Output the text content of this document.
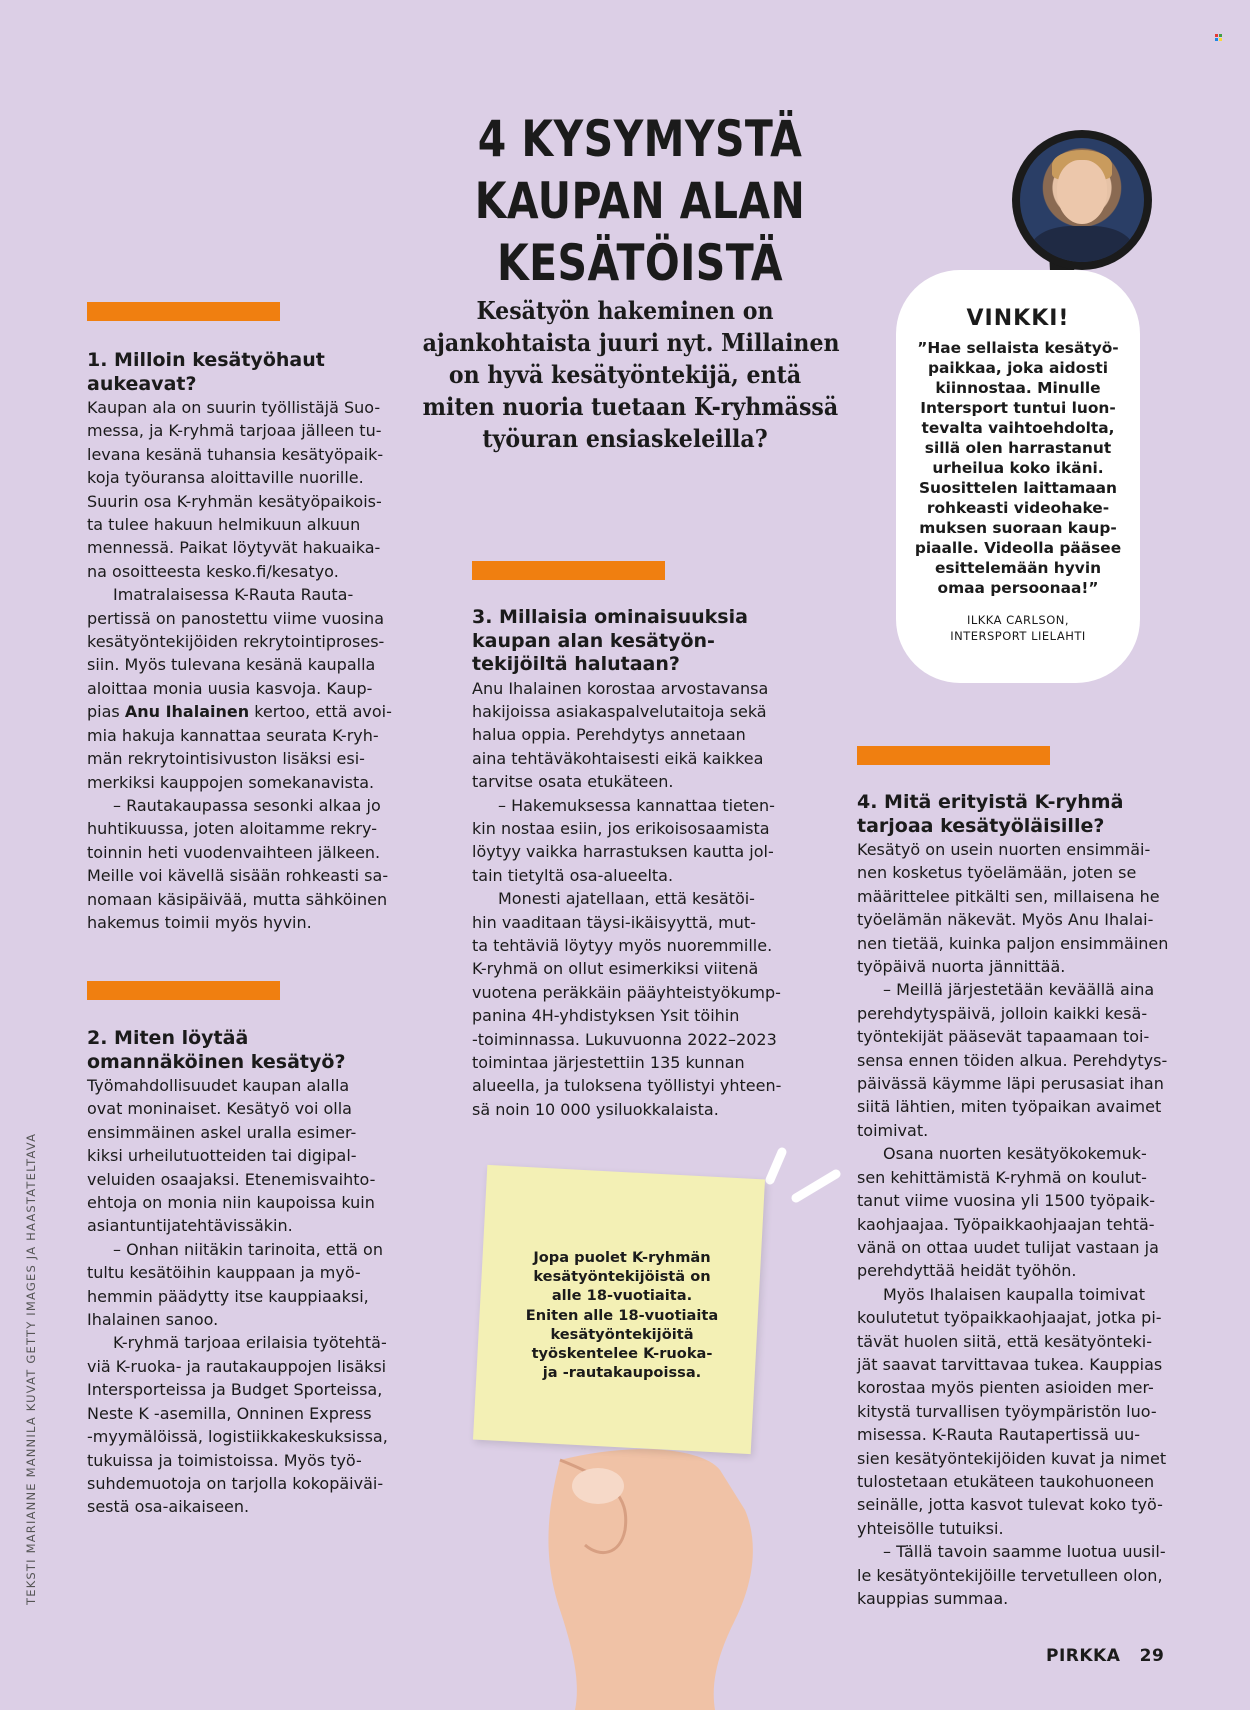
4 KYSYMYSTÄ
KAUPAN ALAN
KESÄTÖISTÄ
Kesätyön hakeminen on
ajankohtaista juuri nyt. Millainen
on hyvä kesätyöntekijä, entä
miten nuoria tuetaan K-ryhmässä
työuran ensiaskeleilla?
1. Milloin kesätyöhaut
aukeavat?
Kaupan ala on suurin työllistäjä Suo-
messa, ja K-ryhmä tarjoaa jälleen tu-
levana kesänä tuhansia kesätyöpaik-
koja työuransa aloittaville nuorille.
Suurin osa K-ryhmän kesätyöpaikois-
ta tulee hakuun helmikuun alkuun
mennessä. Paikat löytyvät hakuaika-
na osoitteesta kesko.fi/kesatyo.
Imatralaisessa K-Rauta Rauta-
pertissä on panostettu viime vuosina
kesätyöntekijöiden rekrytointiproses-
siin. Myös tulevana kesänä kaupalla
aloittaa monia uusia kasvoja. Kaup-
pias Anu Ihalainen kertoo, että avoi-
mia hakuja kannattaa seurata K-ryh-
män rekrytointisivuston lisäksi esi-
merkiksi kauppojen somekanavista.
– Rautakaupassa sesonki alkaa jo
huhtikuussa, joten aloitamme rekry-
toinnin heti vuodenvaihteen jälkeen.
Meille voi kävellä sisään rohkeasti sa-
nomaan käsipäivää, mutta sähköinen
hakemus toimii myös hyvin.
2. Miten löytää
omannäköinen kesätyö?
Työmahdollisuudet kaupan alalla
ovat moninaiset. Kesätyö voi olla
ensimmäinen askel uralla esimer-
kiksi urheilutuotteiden tai digipal-
veluiden osaajaksi. Etenemisvaihto-
ehtoja on monia niin kaupoissa kuin
asiantuntijatehtävissäkin.
– Onhan niitäkin tarinoita, että on
tultu kesätöihin kauppaan ja myö-
hemmin päädytty itse kauppiaaksi,
Ihalainen sanoo.
K-ryhmä tarjoaa erilaisia työtehtä-
viä K-ruoka- ja rautakauppojen lisäksi
Intersporteissa ja Budget Sporteissa,
Neste K -asemilla, Onninen Express
-myymälöissä, logistiikkakeskuksissa,
tukuissa ja toimistoissa. Myös työ-
suhdemuotoja on tarjolla kokopäiväi-
sestä osa-aikaiseen.
3. Millaisia ominaisuuksia
kaupan alan kesätyön-
tekijöiltä halutaan?
Anu Ihalainen korostaa arvostavansa
hakijoissa asiakaspalvelutaitoja sekä
halua oppia. Perehdytys annetaan
aina tehtäväkohtaisesti eikä kaikkea
tarvitse osata etukäteen.
– Hakemuksessa kannattaa tieten-
kin nostaa esiin, jos erikoisosaamista
löytyy vaikka harrastuksen kautta jol-
tain tietyltä osa-alueelta.
Monesti ajatellaan, että kesätöi-
hin vaaditaan täysi-ikäisyyttä, mut-
ta tehtäviä löytyy myös nuoremmille.
K-ryhmä on ollut esimerkiksi viitenä
vuotena peräkkäin pääyhteistyökump-
panina 4H-yhdistyksen Ysit töihin
-toiminnassa. Lukuvuonna 2022–2023
toimintaa järjestettiin 135 kunnan
alueella, ja tuloksena työllistyi yhteen-
sä noin 10 000 ysiluokkalaista.
4. Mitä erityistä K-ryhmä
tarjoaa kesätyöläisille?
Kesätyö on usein nuorten ensimmäi-
nen kosketus työelämään, joten se
määrittelee pitkälti sen, millaisena he
työelämän näkevät. Myös Anu Ihalai-
nen tietää, kuinka paljon ensimmäinen
työpäivä nuorta jännittää.
– Meillä järjestetään keväällä aina
perehdytyspäivä, jolloin kaikki kesä-
työntekijät pääsevät tapaamaan toi-
sensa ennen töiden alkua. Perehdytys-
päivässä käymme läpi perusasiat ihan
siitä lähtien, miten työpaikan avaimet
toimivat.
Osana nuorten kesätyökokemuk-
sen kehittämistä K-ryhmä on koulut-
tanut viime vuosina yli 1500 työpaik-
kaohjaajaa. Työpaikkaohjaajan tehtä-
vänä on ottaa uudet tulijat vastaan ja
perehdyttää heidät työhön.
Myös Ihalaisen kaupalla toimivat
koulutetut työpaikkaohjaajat, jotka pi-
tävät huolen siitä, että kesätyönteki-
jät saavat tarvittavaa tukea. Kauppias
korostaa myös pienten asioiden mer-
kitystä turvallisen työympäristön luo-
misessa. K-Rauta Rautapertissä uu-
sien kesätyöntekijöiden kuvat ja nimet
tulostetaan etukäteen taukohuoneen
seinälle, jotta kasvot tulevat koko työ-
yhteisölle tutuiksi.
– Tällä tavoin saamme luotua uusil-
le kesätyöntekijöille tervetulleen olon,
kauppias summaa.
VINKKI!
”Hae sellaista kesätyö-
paikkaa, joka aidosti
kiinnostaa. Minulle
Intersport tuntui luon-
tevalta vaihtoehdolta,
sillä olen harrastanut
urheilua koko ikäni.
Suosittelen laittamaan
rohkeasti videohake-
muksen suoraan kaup-
piaalle. Videolla pääsee
esittelemään hyvin
omaa persoonaa!”
ILKKA CARLSON,
INTERSPORT LIELAHTI
Jopa puolet K-ryhmän
kesätyöntekijöistä on
alle 18-vuotiaita.
Eniten alle 18-vuotiaita
kesätyöntekijöitä
työskentelee K-ruoka-
ja -rautakaupoissa.
TEKSTI MARIANNE MANNILA KUVAT GETTY IMAGES JA HAASTATELTAVA
PIRKKA 29
